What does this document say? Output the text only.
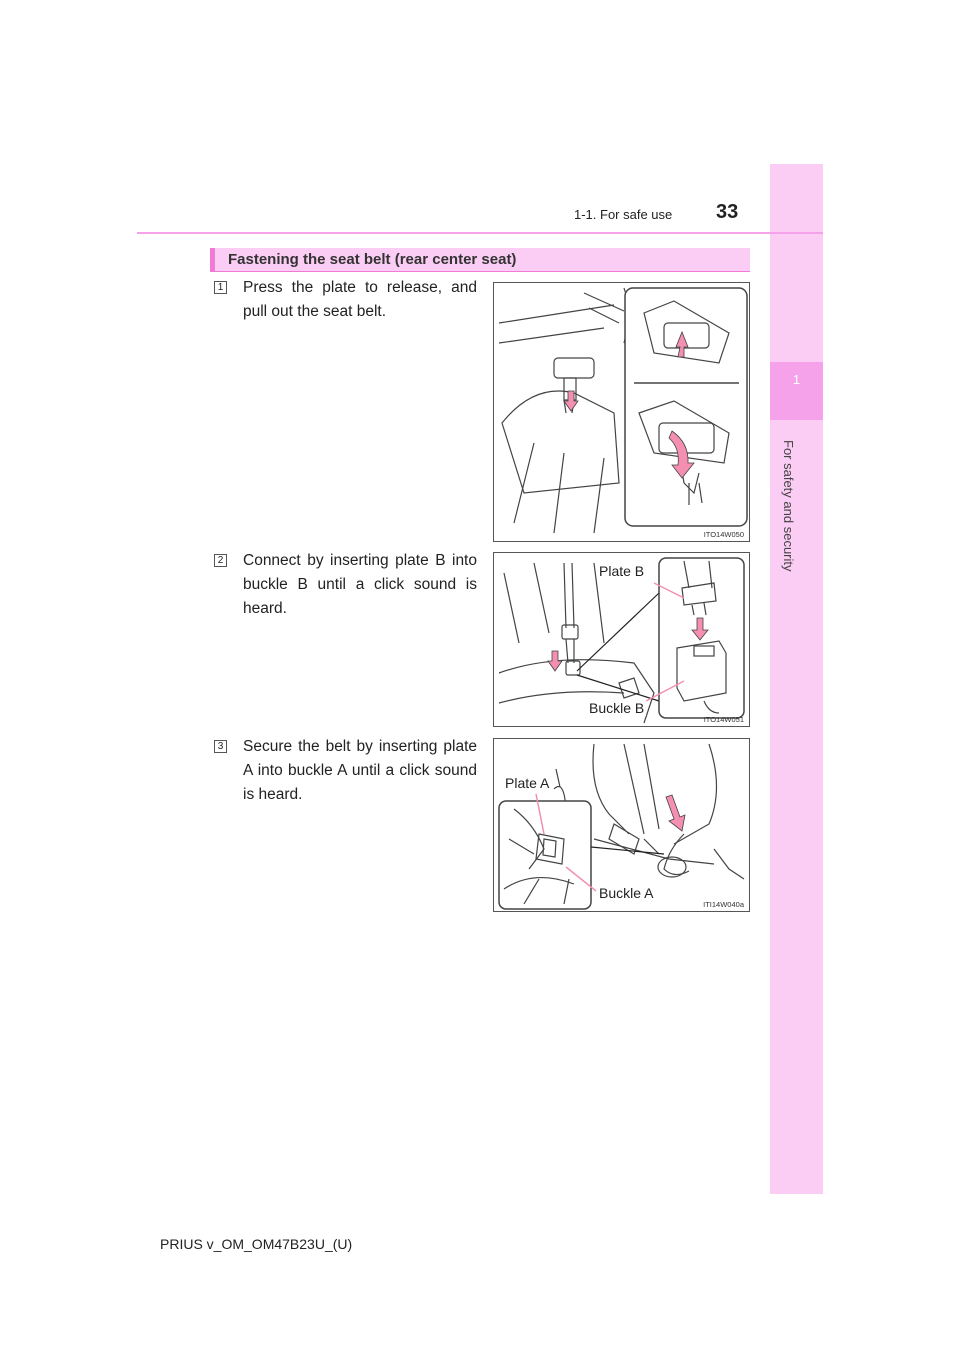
1
For safety and security
1-1. For safe use 33
Fastening the seat belt (rear center seat)
1 Press the plate to release, and pull out the seat belt.
ITO14W050
2 Connect by inserting plate B into buckle B until a click sound is heard.
Plate B
Buckle B
ITO14W051
3 Secure the belt by inserting plate A into buckle A until a click sound is heard.
Plate A
Buckle A
ITI14W040a
PRIUS v_OM_OM47B23U_(U)
